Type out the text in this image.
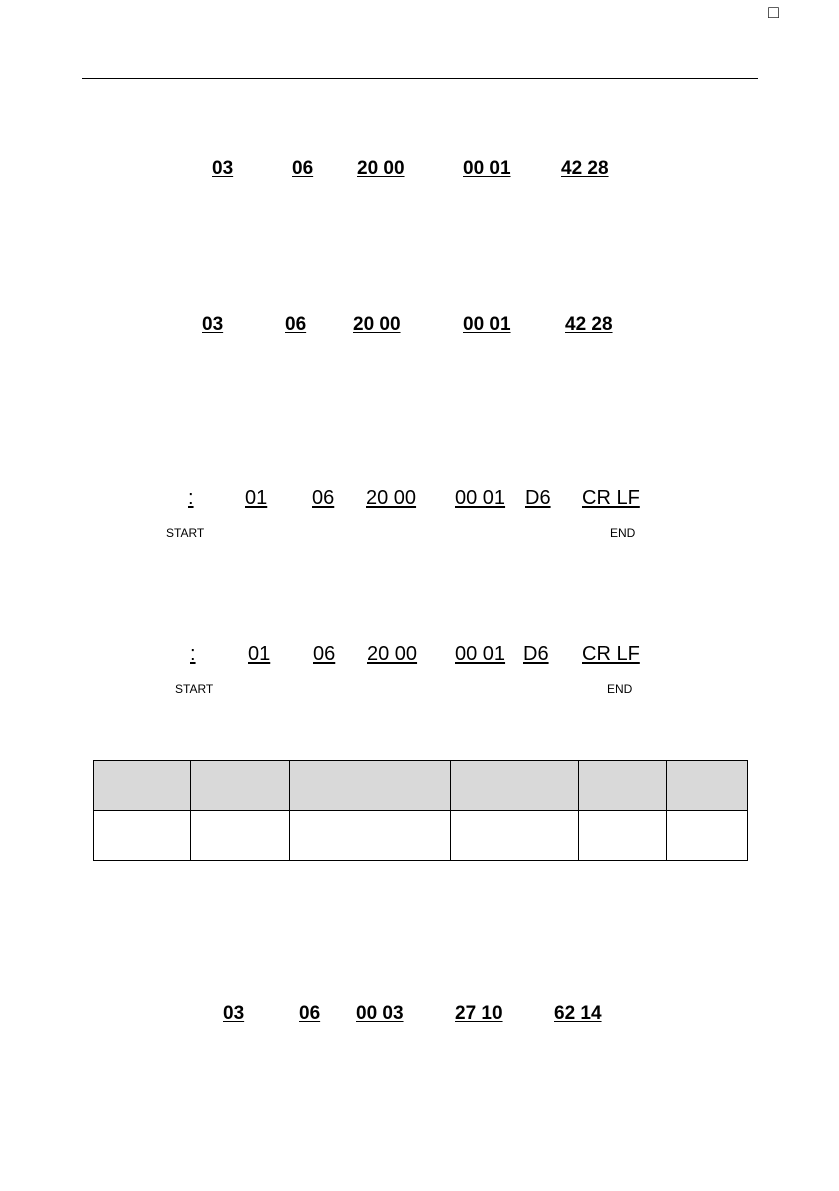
□
03	06 20 00	00 01	42 28
03	06 20 00	00 01	42 28
:	01 06 20 00 00 01 D6 CR LF
START	END
:	01 06 20 00 00 01 D6 CR LF
START	END

03	06 00 03	27 10	62 14
